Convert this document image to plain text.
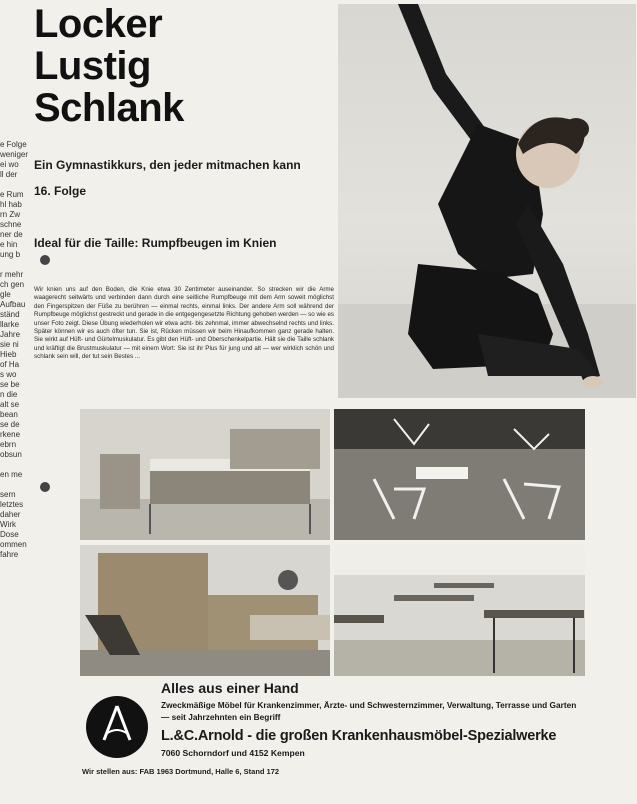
e Folge
weniger
ei wo
ll der

e Rum
hl hab
rn Zw
schne
ner de
e hin
ung b

r mehr
ch gen
gle
Aufbau
ständ
llarke
Jahre
sie ni
Hieb
of Ha
s wo
se be
n die
alt se
bean
se de
rkene
ebrn
obsun

en me

sern
letztes
daher
Wirk
Dose
ommen
fahre
Locker
Lustig
Schlank
Ein Gymnastikkurs, den jeder mitmachen kann
16. Folge
Ideal für die Taille: Rumpfbeugen im Knien
Wir knien uns auf den Boden, die Knie etwa 30 Zentimeter auseinander. So strecken wir die Arme waagerecht seitwärts und verbinden dann durch eine seitliche Rumpfbeuge mit dem Arm soweit möglichst den Fingerspitzen der Füße zu berühren — einmal rechts, einmal links. Der andere Arm soll während der Rumpfbeuge möglichst gestreckt und gerade in die entgegengesetzte Richtung gehoben werden — so wie es unser Foto zeigt. Diese Übung wiederholen wir etwa acht- bis zehnmal, immer abwechselnd rechts und links. Später können wir es auch öfter tun. Sie ist, Rücken müssen wir beim Hinaufkommen ganz gerade halten. Sie wirkt auf Hüft- und Gürtelmuskulatur. Es gibt den Hüft- und Oberschenkelpartie. Hält sie die Taille schlank und kräftigt die Brustmuskulatur — mit einem Wort: Sie ist ihr Plus für jung und alt — wer wirklich schön und schlank sein will, der tut sein Bestes ...
Alles aus einer Hand
Zweckmäßige Möbel für Krankenzimmer, Ärzte- und Schwesternzimmer, Verwaltung, Terrasse und Garten — seit Jahrzehnten ein Begriff
L.&C.Arnold - die großen Krankenhausmöbel-Spezialwerke
7060 Schorndorf und 4152 Kempen
Wir stellen aus: FAB 1963 Dortmund, Halle 6, Stand 172
